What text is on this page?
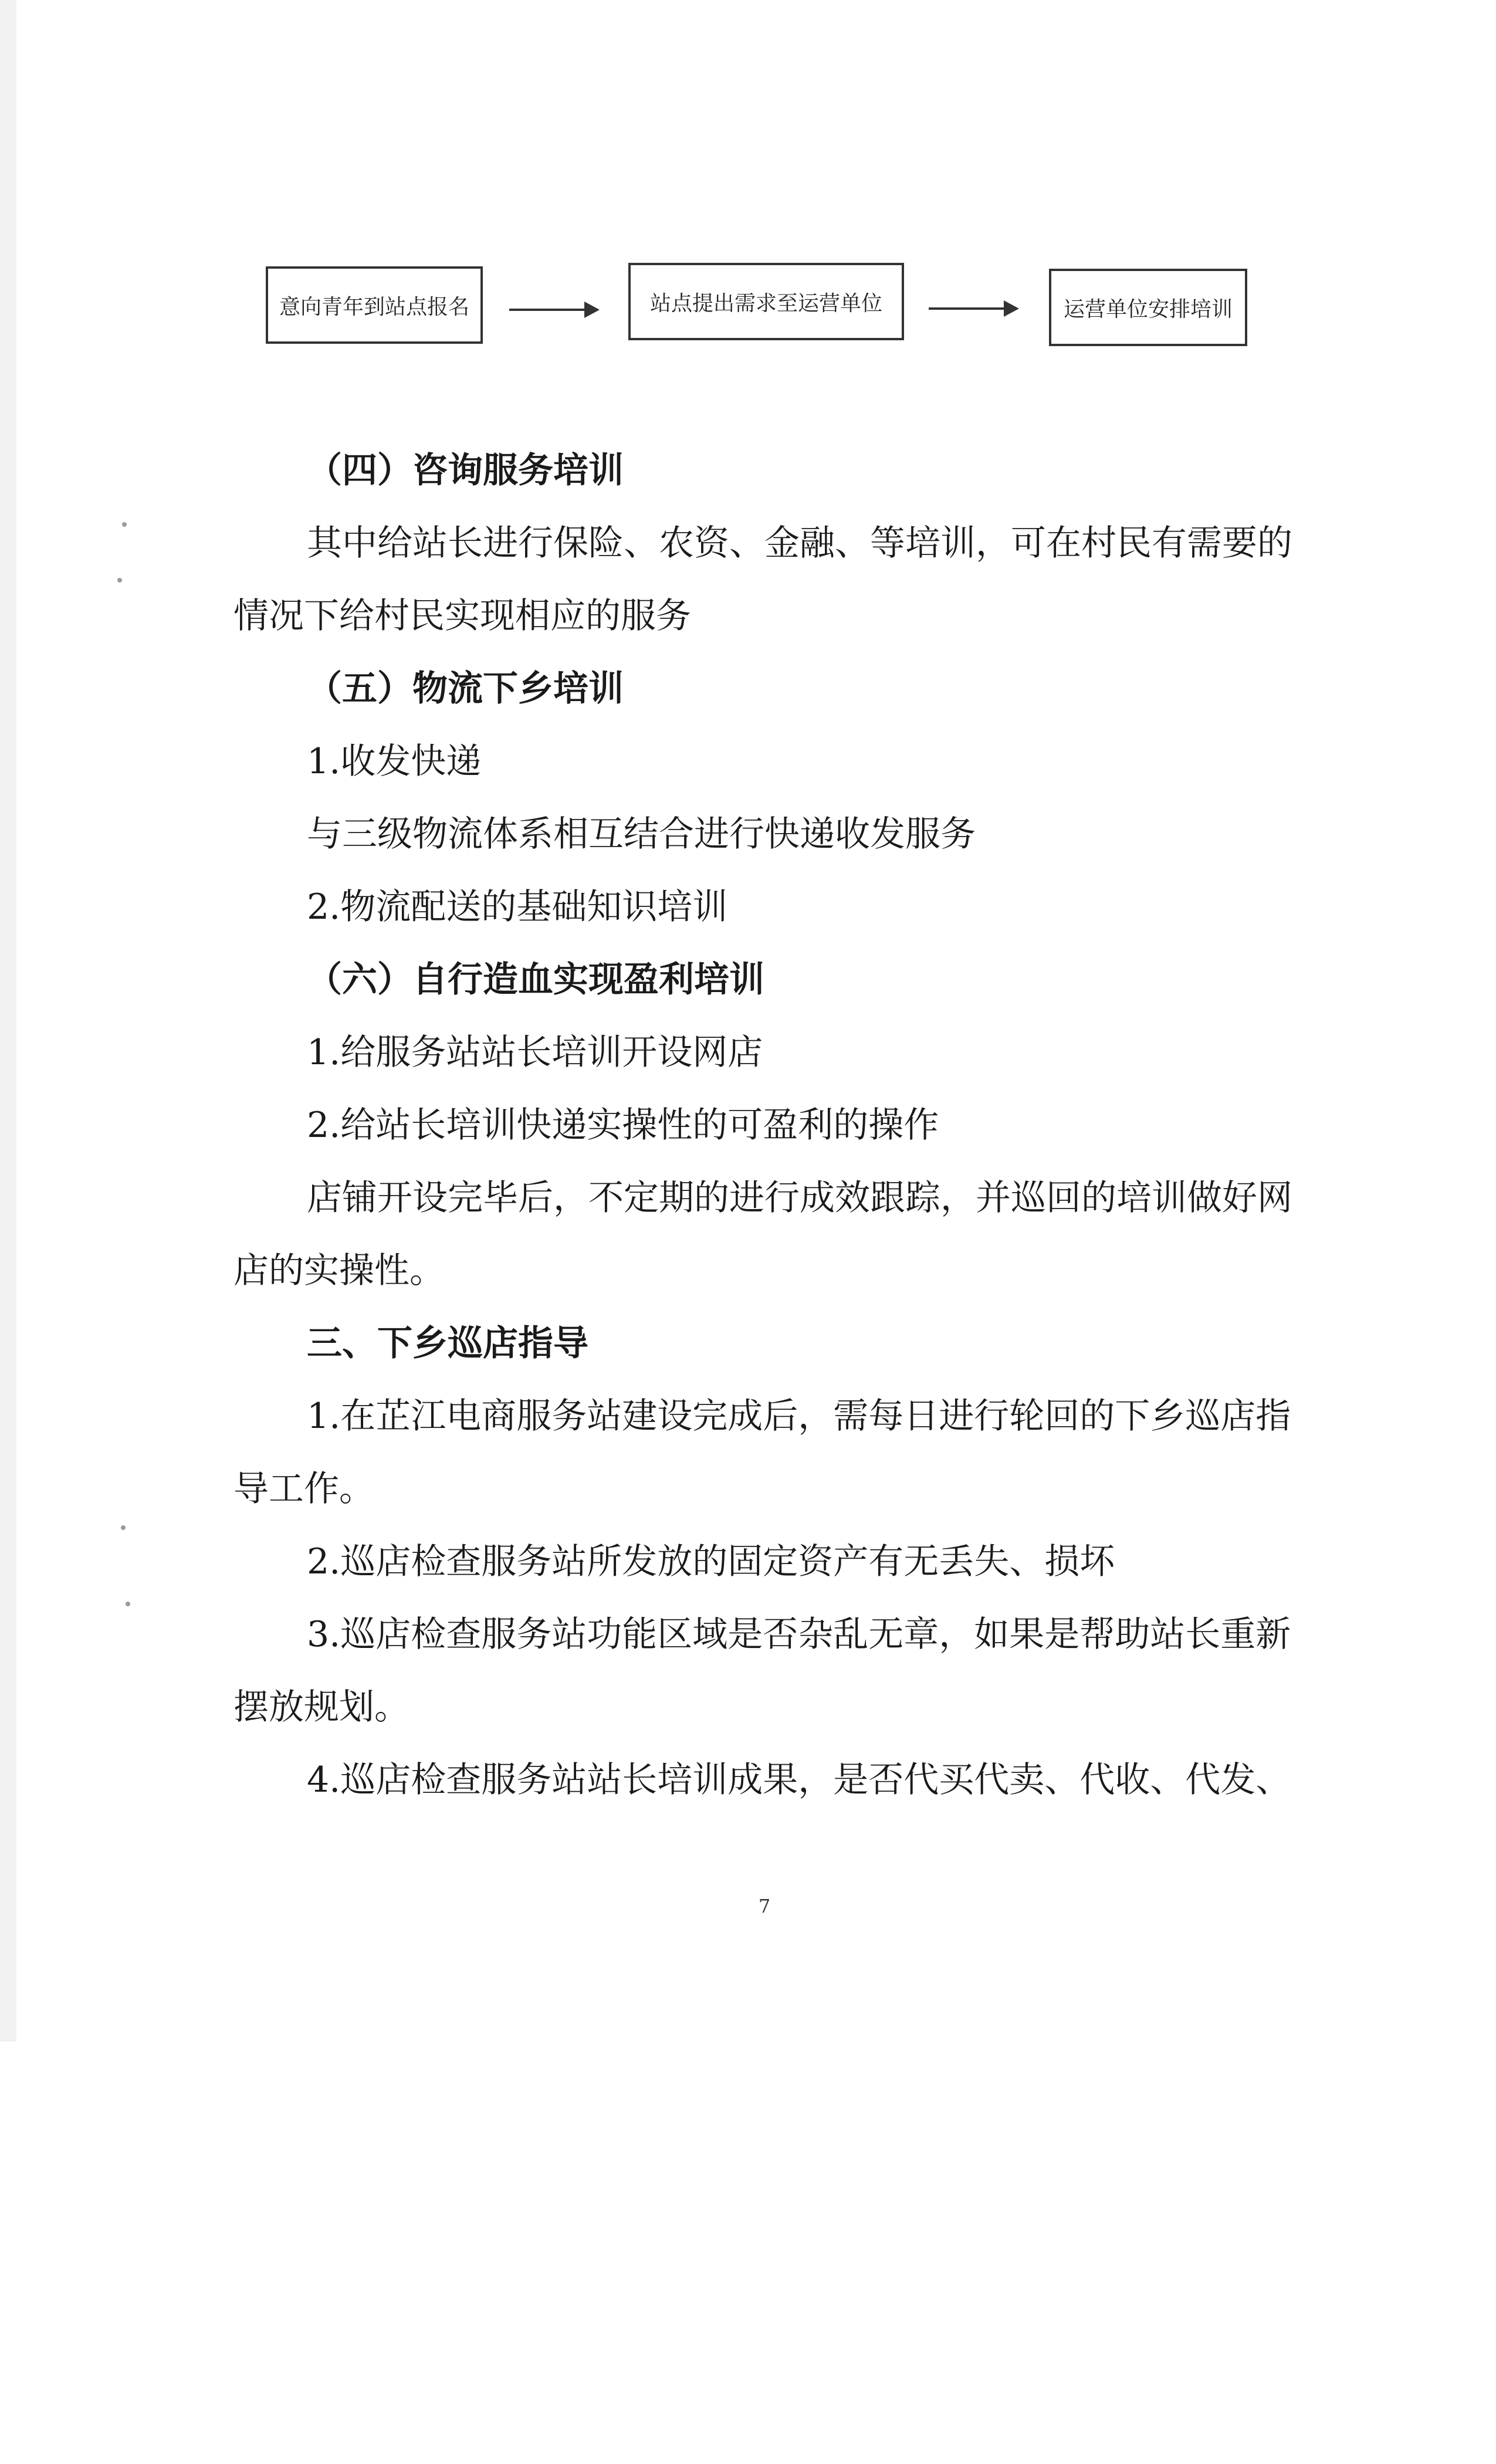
意向青年到站点报名	站点提出需求至运营单位	运营单位安排培训

（四）咨询服务培训

其中给站长进行保险、农资、金融、等培训，可在村民有需要的情况下给村民实现相应的服务

（五）物流下乡培训

1.收发快递

与三级物流体系相互结合进行快递收发服务

2.物流配送的基础知识培训

（六）自行造血实现盈利培训

1.给服务站站长培训开设网店

2.给站长培训快递实操性的可盈利的操作

店铺开设完毕后，不定期的进行成效跟踪，并巡回的培训做好网店的实操性。

三、下乡巡店指导

1.在芷江电商服务站建设完成后，需每日进行轮回的下乡巡店指导工作。

2.巡店检查服务站所发放的固定资产有无丢失、损坏

3.巡店检查服务站功能区域是否杂乱无章，如果是帮助站长重新摆放规划。

4.巡店检查服务站站长培训成果，是否代买代卖、代收、代发、

7
